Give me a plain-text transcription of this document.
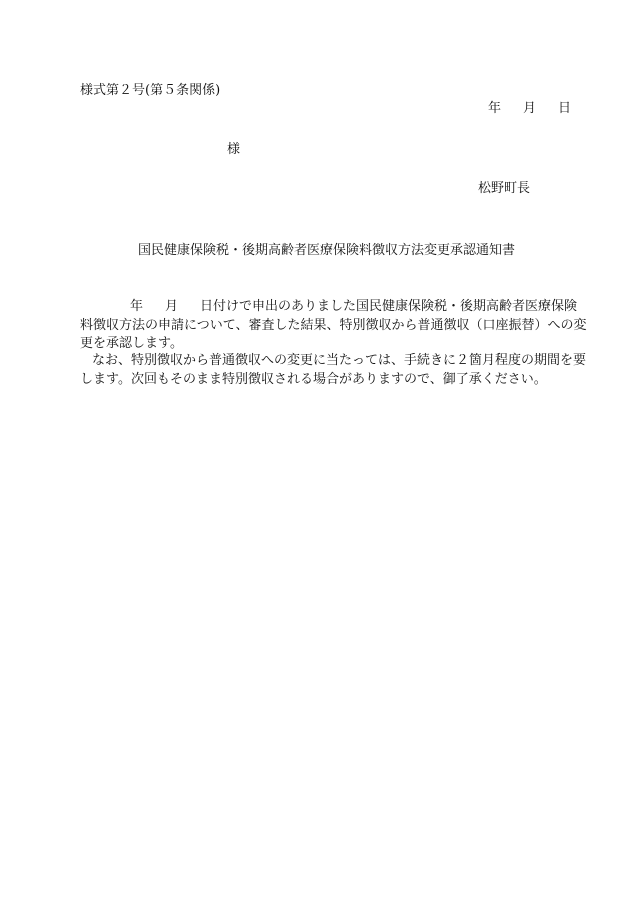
様式第２号(第５条関係)
年 月 日
様
松野町長
国民健康保険税・後期高齢者医療保険料徴収方法変更承認通知書
年 月 日付けで申出のありました国民健康保険税・後期高齢者医療保険料徴収方法の申請について、審査した結果、特別徴収から普通徴収（口座振替）への変更を承認します。
なお、特別徴収から普通徴収への変更に当たっては、手続きに２箇月程度の期間を要します。次回もそのまま特別徴収される場合がありますので、御了承ください。
